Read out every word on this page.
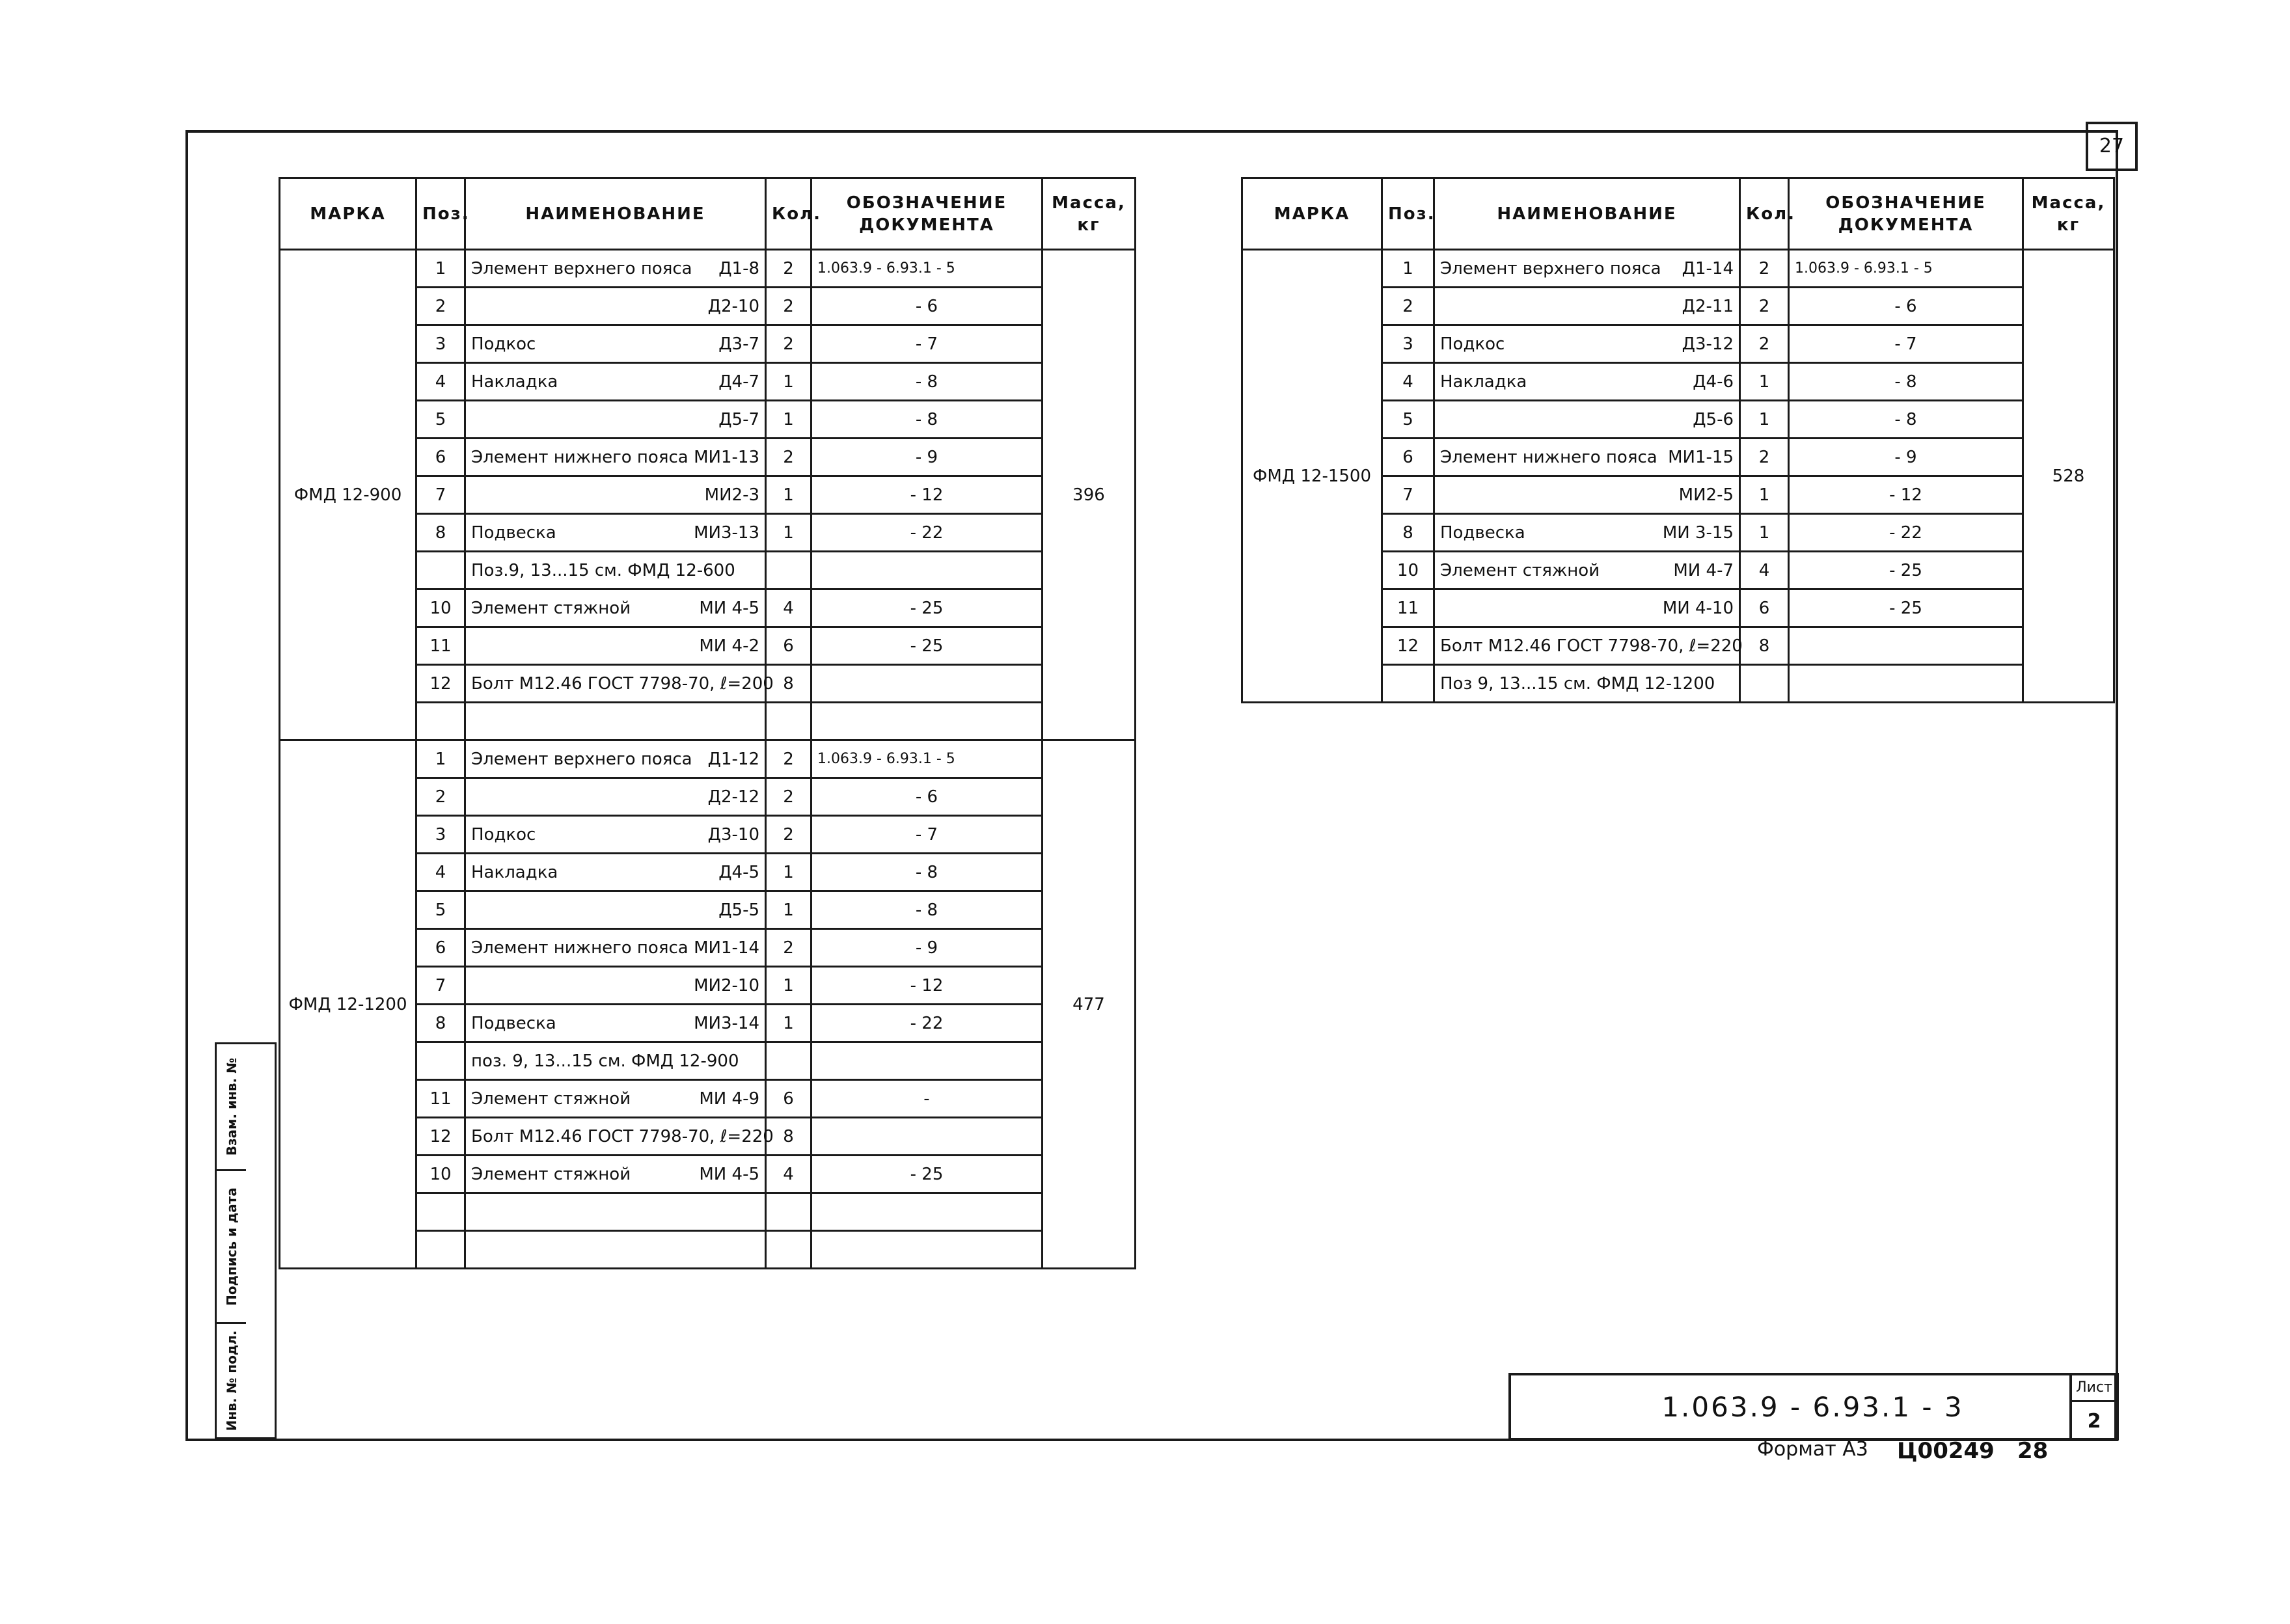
27
МАРКА	Поз.	НАИМЕНОВАНИЕ	Кол.	ОБОЗНАЧЕНИЕ ДОКУМЕНТА	Масса, кг
ФМД 12-900	1	Элемент верхнего пояса Д1-8	2	1.063.9 - 6.93.1 - 5	396
	2	Д2-10	2	- 6	
	3	Подкос Д3-7	2	- 7	
	4	Накладка Д4-7	1	- 8	
	5	Д5-7	1	- 8	
	6	Элемент нижнего пояса МИ1-13	2	- 9	
	7	МИ2-3	1	- 12	
	8	Подвеска МИ3-13	1	- 22	

		Поз.9, 13...15 см. ФМД 12-600			

	10	Элемент стяжной МИ 4-5	4	- 25	
	11	МИ 4-2	6	- 25	
	12	Болт М12.46 ГОСТ 7798-70, ℓ=200	8		

ФМД 12-1200	1	Элемент верхнего пояса Д1-12	2	1.063.9 - 6.93.1 - 5	477
	2	Д2-12	2	- 6	
	3	Подкос Д3-10	2	- 7	
	4	Накладка Д4-5	1	- 8	
	5	Д5-5	1	- 8	
	6	Элемент нижнего пояса МИ1-14	2	- 9	
	7	МИ2-10	1	- 12	
	8	Подвеска МИ3-14	1	- 22	

		поз. 9, 13...15 см. ФМД 12-900			

	11	Элемент стяжной МИ 4-9	6	-	
	12	Болт М12.46 ГОСТ 7798-70, ℓ=220	8		
	10	Элемент стяжной МИ 4-5	4	- 25	

МАРКА	Поз.	НАИМЕНОВАНИЕ	Кол.	ОБОЗНАЧЕНИЕ ДОКУМЕНТА	Масса, кг
ФМД 12-1500	1	Элемент верхнего пояса Д1-14	2	1.063.9 - 6.93.1 - 5	528
	2	Д2-11	2	- 6	
	3	Подкос Д3-12	2	- 7	
	4	Накладка Д4-6	1	- 8	
	5	Д5-6	1	- 8	
	6	Элемент нижнего пояса МИ1-15	2	- 9	
	7	МИ2-5	1	- 12	
	8	Подвеска МИ 3-15	1	- 22	
	10	Элемент стяжной МИ 4-7	4	- 25	
	11	МИ 4-10	6	- 25	
	12	Болт М12.46 ГОСТ 7798-70, ℓ=220	8		

		Поз 9, 13...15 см. ФМД 12-1200			

Взам. инв. №
Подпись и дата
Инв. № подл.	1.063.9 - 6.93.1 - 3
Лист
2
Формат А3 Ц00249 28
